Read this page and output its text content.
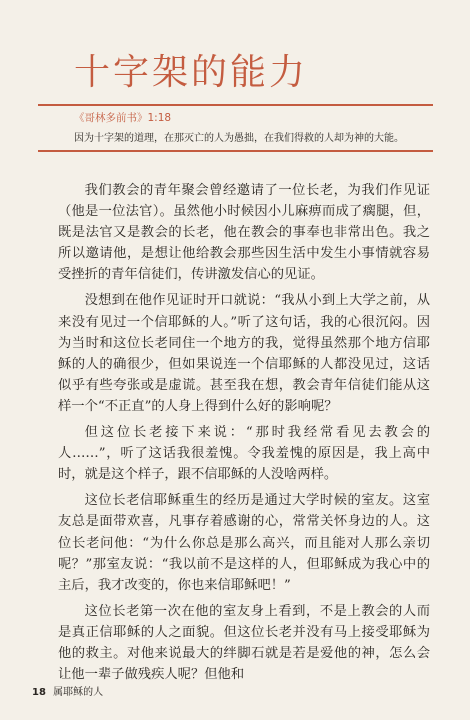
十字架的能力
《哥林多前书》1:18
因为十字架的道理，在那灭亡的人为愚拙，在我们得救的人却为神的大能。

我们教会的青年聚会曾经邀请了一位长老，为我们作见证（他是一位法官）。虽然他小时候因小儿麻痹而成了瘸腿，但，既是法官又是教会的长老，他在教会的事奉也非常出色。我之所以邀请他，是想让他给教会那些因生活中发生小事情就容易受挫折的青年信徒们，传讲激发信心的见证。

没想到在他作见证时开口就说：“我从小到上大学之前，从来没有见过一个信耶稣的人。”听了这句话，我的心很沉闷。因为当时和这位长老同住一个地方的我，觉得虽然那个地方信耶稣的人的确很少，但如果说连一个信耶稣的人都没见过，这话似乎有些夸张或是虚谎。甚至我在想，教会青年信徒们能从这样一个“不正直”的人身上得到什么好的影响呢？

但这位长老接下来说：“那时我经常看见去教会的人……”，听了这话我很羞愧。令我羞愧的原因是，我上高中时，就是这个样子，跟不信耶稣的人没啥两样。

这位长老信耶稣重生的经历是通过大学时候的室友。这室友总是面带欢喜，凡事存着感谢的心，常常关怀身边的人。这位长老问他：“为什么你总是那么高兴，而且能对人那么亲切呢？”那室友说：“我以前不是这样的人，但耶稣成为我心中的主后，我才改变的，你也来信耶稣吧！”

这位长老第一次在他的室友身上看到，不是上教会的人而是真正信耶稣的人之面貌。但这位长老并没有马上接受耶稣为他的救主。对他来说最大的绊脚石就是若是爱他的神，怎么会让他一辈子做残疾人呢？但他和

18 属耶稣的人
